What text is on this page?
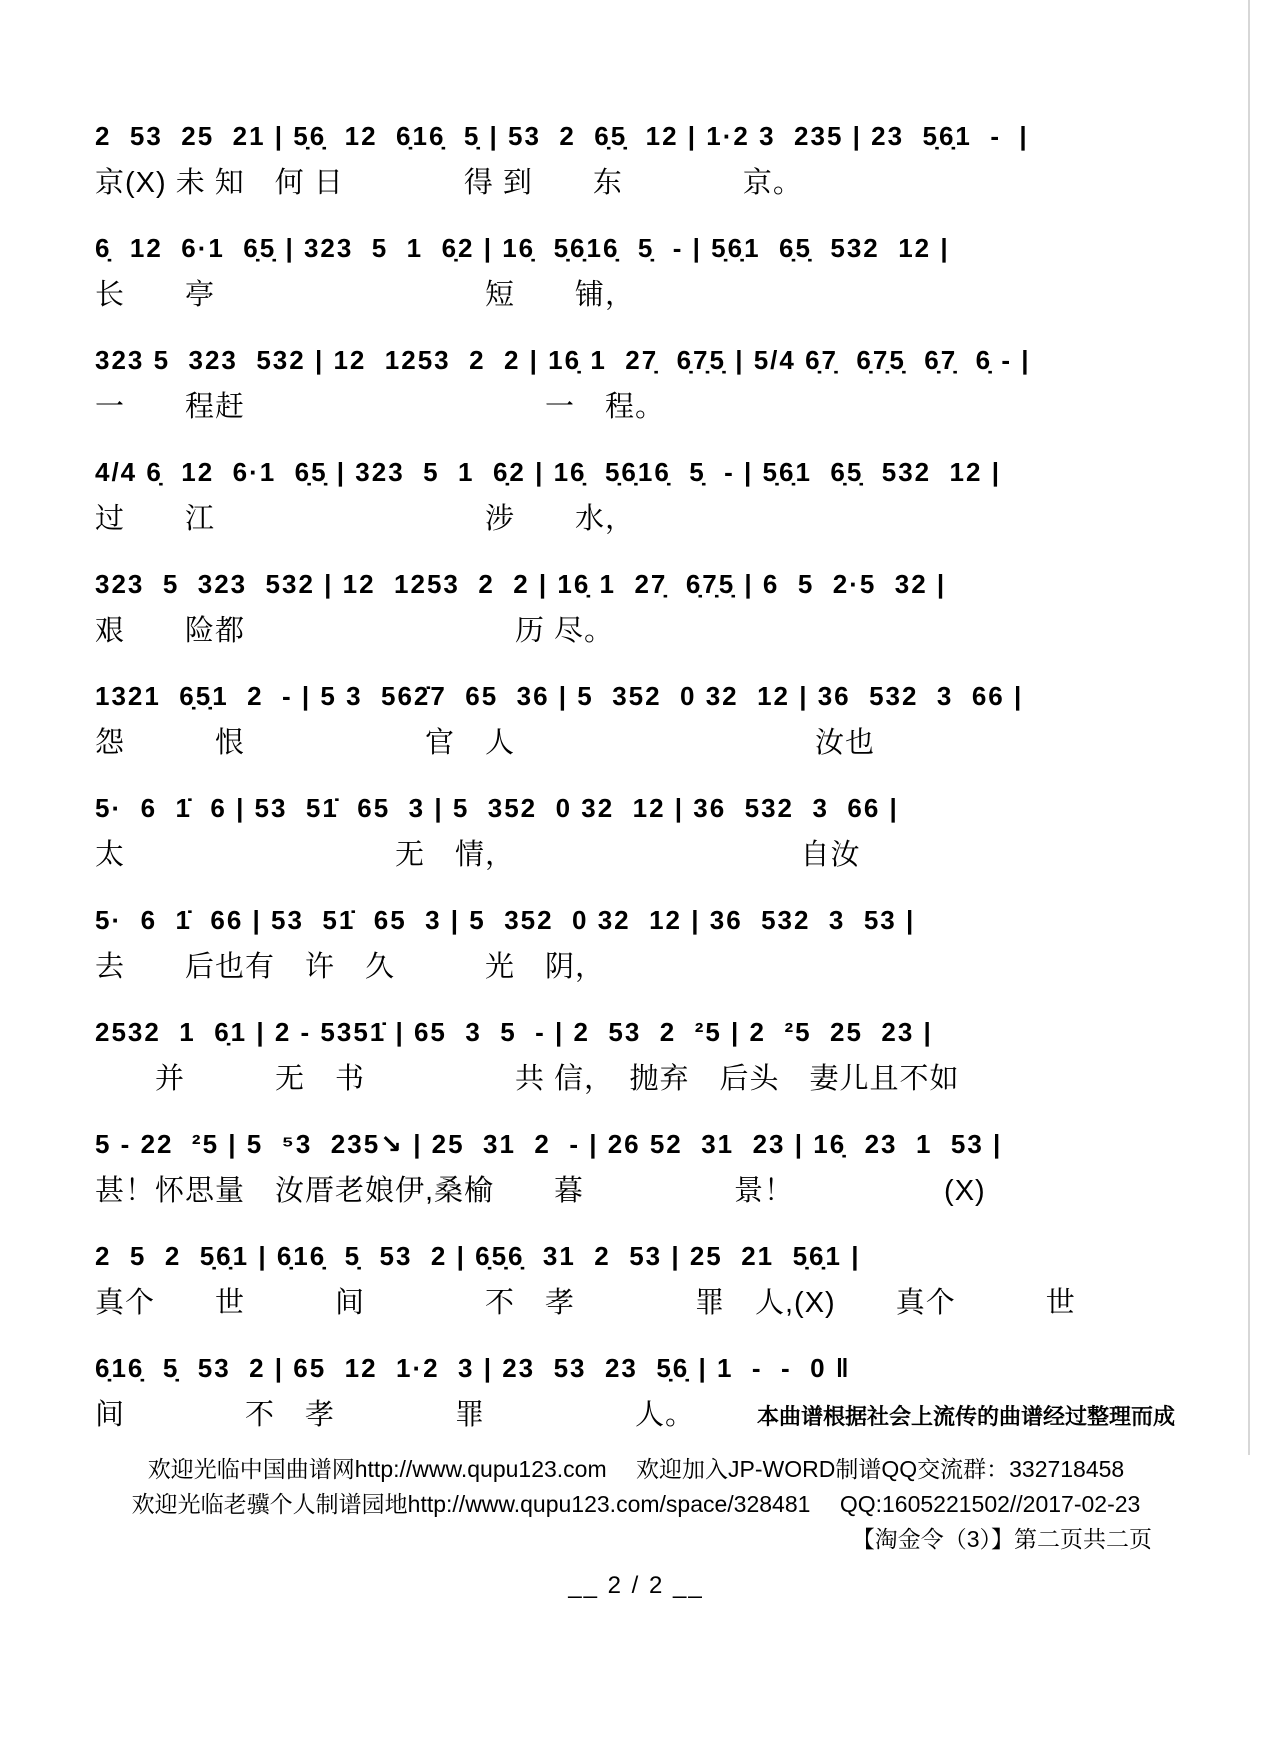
2  53  25  21 | 5̣6̣  12  6̣16̣  5̣ | 53  2  6̣5̣  12 | 1·2 3  235 | 23  5̣6̣1  -  |
京(X) 未 知　何 日　　　　得 到　　东　　　　京。
6̣  12  6·1  6̣5̣ | 323  5  1  6̣2 | 16̣  5̣6̣16̣  5̣  - | 5̣6̣1  6̣5̣  532  12 |
长　　亭　　　　　　　　　短　　铺，
323 5  323  532 | 12  1253  2  2 | 16̣ 1  27̣  6̣7̣5̣ | 5/4 6̣7̣  6̣7̣5̣  6̣7̣  6̣ - |
一　　程赶　　　　　　　　　　一　程。
4/4 6̣  12  6·1  6̣5̣ | 323  5  1  6̣2 | 16̣  5̣6̣16̣  5̣  - | 5̣6̣1  6̣5̣  532  12 |
过　　江　　　　　　　　　涉　　水，
323  5  323  532 | 12  1253  2  2 | 16̣ 1  27̣  6̣7̣5̣ | 6  5  2·5  32 |
艰　　险都　　　　　　　　　历 尽。
1321  6̣5̣1  2  - | 5 3  562̇7  65  36 | 5  352  0 32  12 | 36  532  3  66 |
怨　　　恨　　　　　　官　人　　　　　　　　　　汝也
5·  6  1̇  6 | 53  51̇  65  3 | 5  352  0 32  12 | 36  532  3  66 |
太　　　　　　　　　无　情，　　　　　　　　　　自汝
5·  6  1̇  66 | 53  51̇  65  3 | 5  352  0 32  12 | 36  532  3  53 |
去　　后也有　许　久　　　光　阴，
2532  1  6̣1 | 2 - 5351̇ | 65  3  5  - | 2  53  2  ²5 | 2  ²5  25  23 |
　　并　　　无　书　　　　　共 信，　抛弃　后头　妻儿且不如
5 - 22  ²5 | 5  ⁵3  235↘ | 25  31  2  - | 26 52  31  23 | 16̣  23  1  53 |
甚！怀思量　汝厝老娘伊,桑榆　　暮　　　　　景！　　　　　(X)
2  5  2  5̣6̣1 | 6̣16̣  5̣  53  2 | 6̣5̣6̣  31  2  53 | 25  21  5̣6̣1 |
真个　　世　　　间　　　　不　孝　　　　罪　人,(X)　　真个　　　世
6̣16̣  5̣  53  2 | 65  12  1·2  3 | 23  53  23  5̣6̣ | 1  -  -  0 ‖
间　　　　不　孝　　　　罪　　　　　人。	本曲谱根据社会上流传的曲谱经过整理而成
欢迎光临中国曲谱网http://www.qupu123.com　 欢迎加入JP-WORD制谱QQ交流群：332718458
欢迎光临老骥个人制谱园地http://www.qupu123.com/space/328481　 QQ:1605221502//2017-02-23
【淘金令（3）】第二页共二页
__ 2 / 2 __
